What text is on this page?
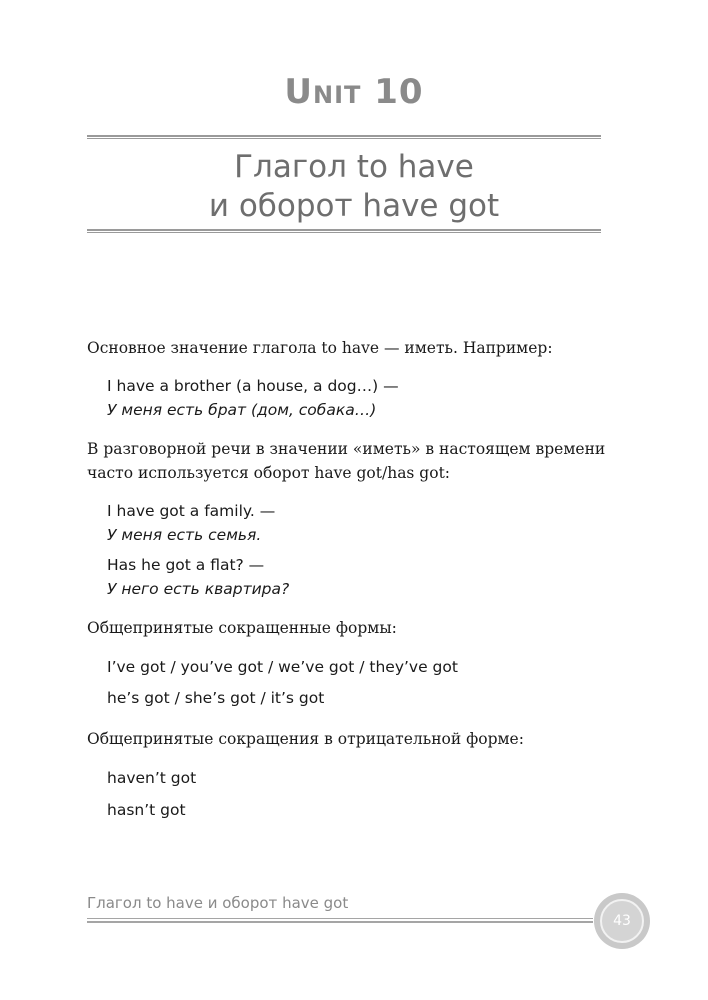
Unit 10
Глагол to have
и оборот have got
Основное значение глагола to have — иметь. Например:
I have a brother (a house, a dog…) —
У меня есть брат (дом, собака…)
В разговорной речи в значении «иметь» в настоящем времени часто используется оборот have got/has got:
I have got a family. —
У меня есть семья.
Has he got a flat? —
У него есть квартира?
Общепринятые сокращенные формы:
I’ve got / you’ve got / we’ve got / they’ve got
he’s got / she’s got / it’s got
Общепринятые сокращения в отрицательной форме:
haven’t got
hasn’t got
Глагол to have и оборот have got
43
